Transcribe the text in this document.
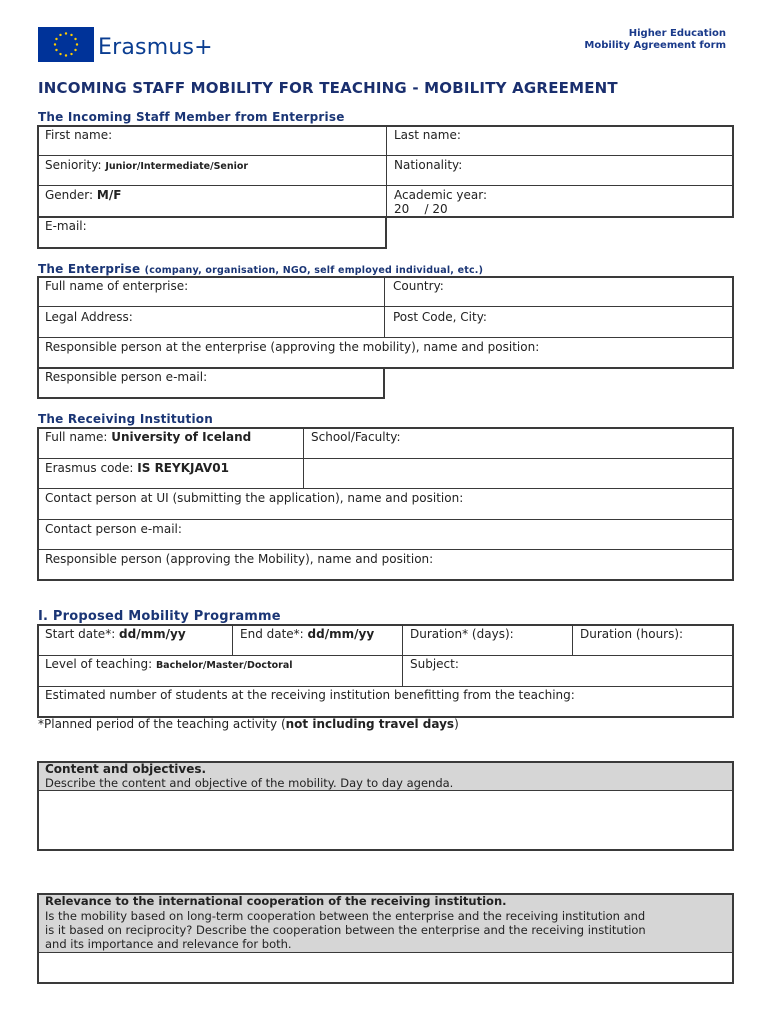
Erasmus+
Higher Education
Mobility Agreement form
INCOMING STAFF MOBILITY FOR TEACHING - MOBILITY AGREEMENT
The Incoming Staff Member from Enterprise
First name:	Last name:
Seniority: Junior/Intermediate/Senior	Nationality:
Gender: M/F	Academic year:
20    / 20
E-mail:
The Enterprise (company, organisation, NGO, self employed individual, etc.)
Full name of enterprise:	Country:
Legal Address:	Post Code, City:
Responsible person at the enterprise (approving the mobility), name and position:
Responsible person e-mail:
The Receiving Institution
Full name: University of Iceland	School/Faculty:
Erasmus code: IS REYKJAV01
Contact person at UI (submitting the application), name and position:
Contact person e-mail:
Responsible person (approving the Mobility), name and position:
I. Proposed Mobility Programme
Start date*: dd/mm/yy	End date*: dd/mm/yy	Duration* (days):	Duration (hours):
Level of teaching: Bachelor/Master/Doctoral	Subject:
Estimated number of students at the receiving institution benefitting from the teaching:
*Planned period of the teaching activity (not including travel days)
Content and objectives.
Describe the content and objective of the mobility. Day to day agenda.
Relevance to the international cooperation of the receiving institution.
Is the mobility based on long-term cooperation between the enterprise and the receiving institution and
is it based on reciprocity? Describe the cooperation between the enterprise and the receiving institution
and its importance and relevance for both.
